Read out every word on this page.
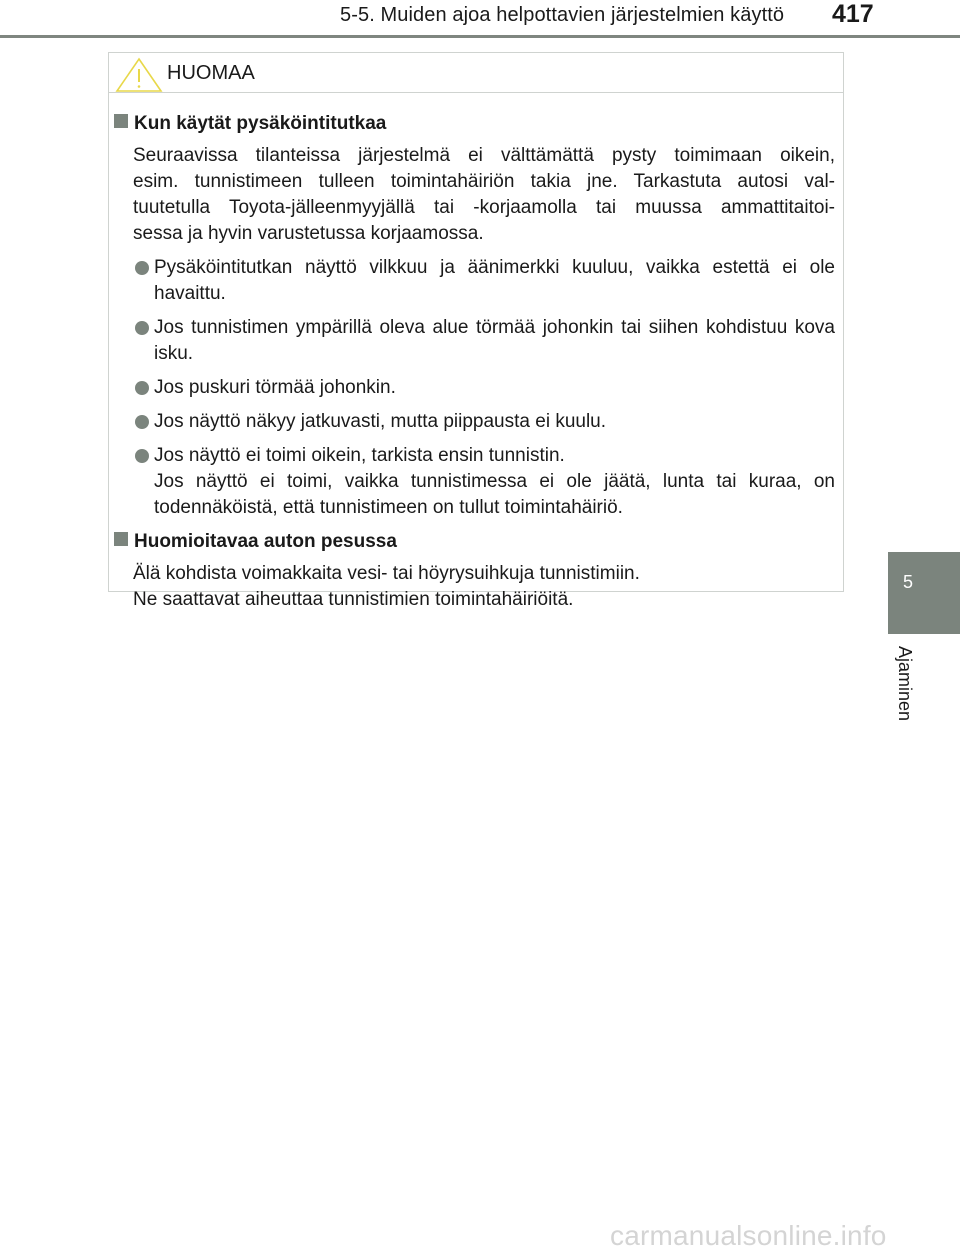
5-5. Muiden ajoa helpottavien järjestelmien käyttö 417
5
Ajaminen
HUOMAA
Kun käytät pysäköintitutkaa
Seuraavissa tilanteissa järjestelmä ei välttämättä pysty toimimaan oikein,
esim. tunnistimeen tulleen toimintahäiriön takia jne. Tarkastuta autosi val-
tuutetulla Toyota-jälleenmyyjällä tai -korjaamolla tai muussa ammattitaitoi-
sessa ja hyvin varustetussa korjaamossa.
Pysäköintitutkan näyttö vilkkuu ja äänimerkki kuuluu, vaikka estettä ei ole havaittu.
Jos tunnistimen ympärillä oleva alue törmää johonkin tai siihen kohdistuu kova isku.
Jos puskuri törmää johonkin.
Jos näyttö näkyy jatkuvasti, mutta piippausta ei kuulu.
Jos näyttö ei toimi oikein, tarkista ensin tunnistin.
Jos näyttö ei toimi, vaikka tunnistimessa ei ole jäätä, lunta tai kuraa, on todennäköistä, että tunnistimeen on tullut toimintahäiriö.
Huomioitavaa auton pesussa
Älä kohdista voimakkaita vesi- tai höyrysuihkuja tunnistimiin.
Ne saattavat aiheuttaa tunnistimien toimintahäiriöitä.
carmanualsonline.info
